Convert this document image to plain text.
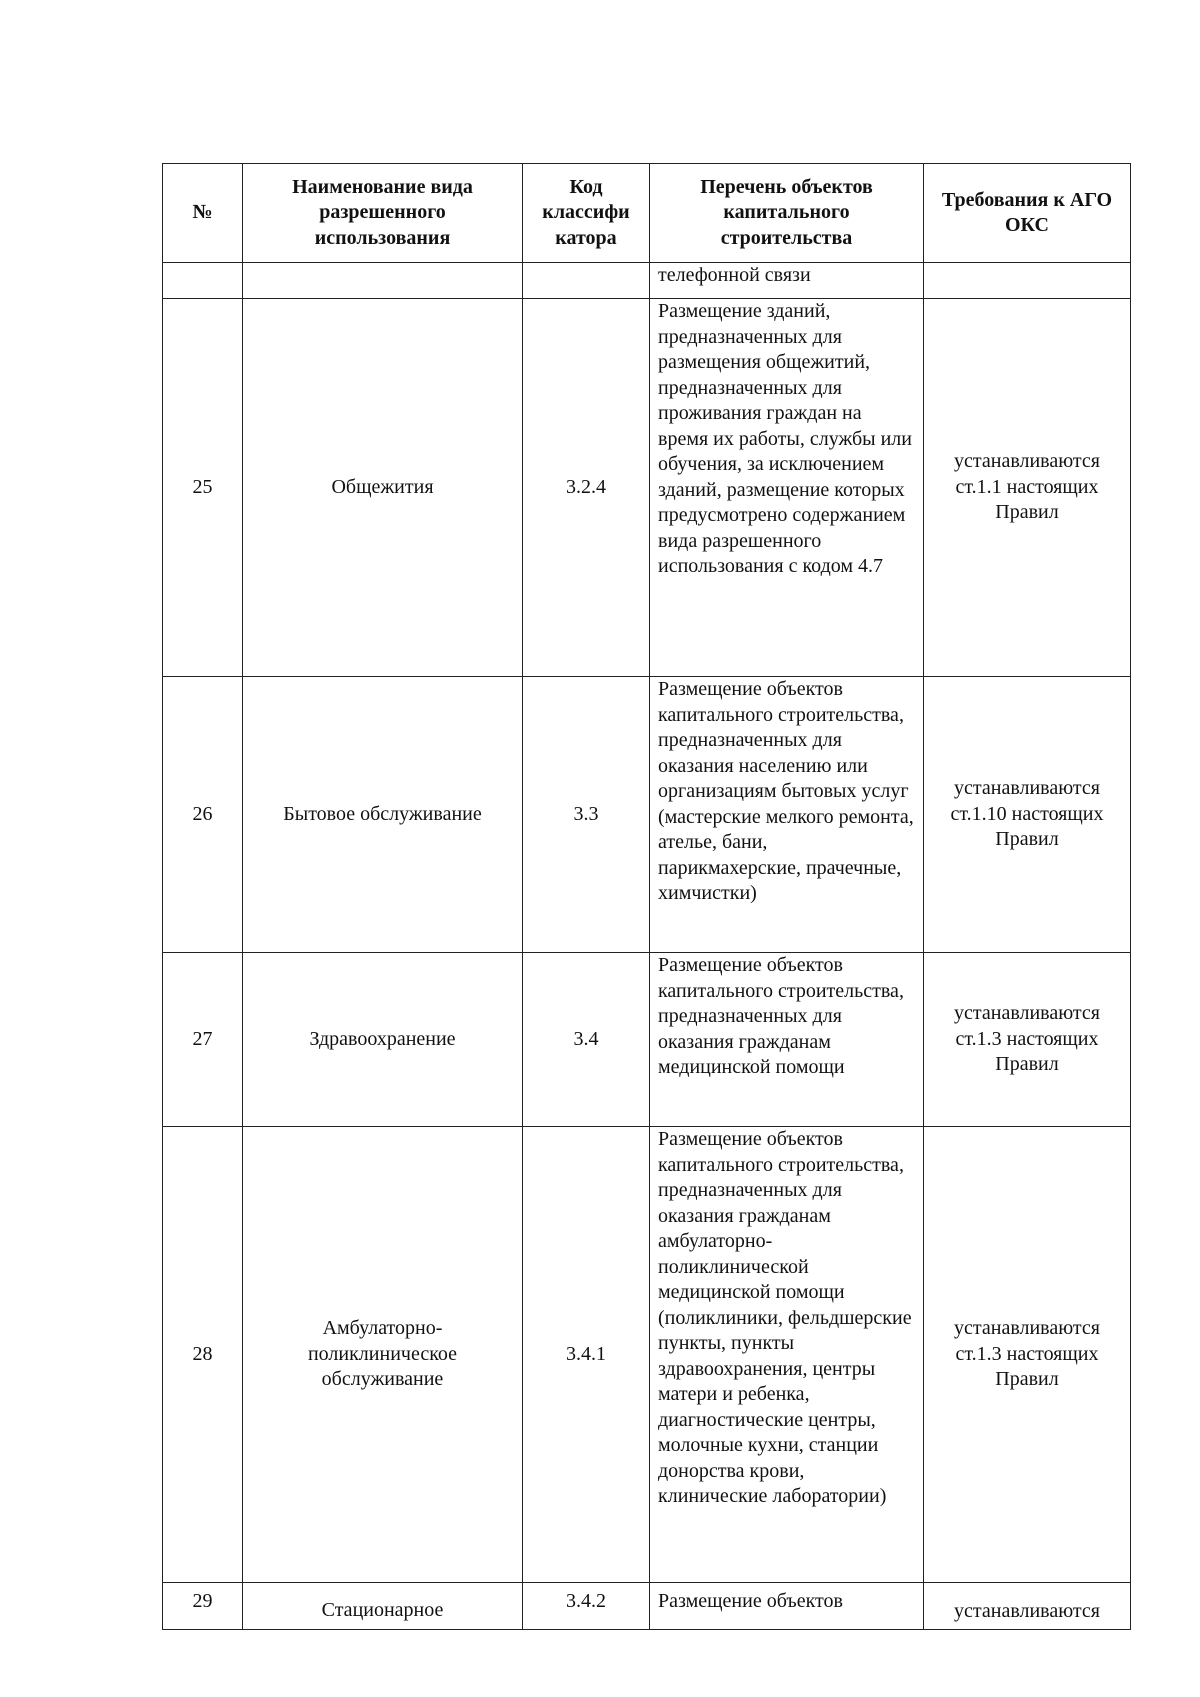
№	Наименование вида разрешенного использования	Код классифи катора	Перечень объектов капитального строительства	Требования к АГО ОКС
			телефонной связи	
25	Общежития	3.2.4	Размещение зданий, предназначенных для размещения общежитий, предназначенных для проживания граждан на время их работы, службы или обучения, за исключением зданий, размещение которых предусмотрено содержанием вида разрешенного использования с кодом 4.7	устанавливаются ст.1.1 настоящих Правил
26	Бытовое обслуживание	3.3	Размещение объектов капитального строительства, предназначенных для оказания населению или организациям бытовых услуг (мастерские мелкого ремонта, ателье, бани, парикмахерские, прачечные, химчистки)	устанавливаются ст.1.10 настоящих Правил
27	Здравоохранение	3.4	Размещение объектов капитального строительства, предназначенных для оказания гражданам медицинской помощи	устанавливаются ст.1.3 настоящих Правил
28	Амбулаторно-поликлиническое обслуживание	3.4.1	Размещение объектов капитального строительства, предназначенных для оказания гражданам амбулаторно-поликлинической медицинской помощи (поликлиники, фельдшерские пункты, пункты здравоохранения, центры матери и ребенка, диагностические центры, молочные кухни, станции донорства крови, клинические лаборатории)	устанавливаются ст.1.3 настоящих Правил
29	Стационарное	3.4.2	Размещение объектов	устанавливаются
